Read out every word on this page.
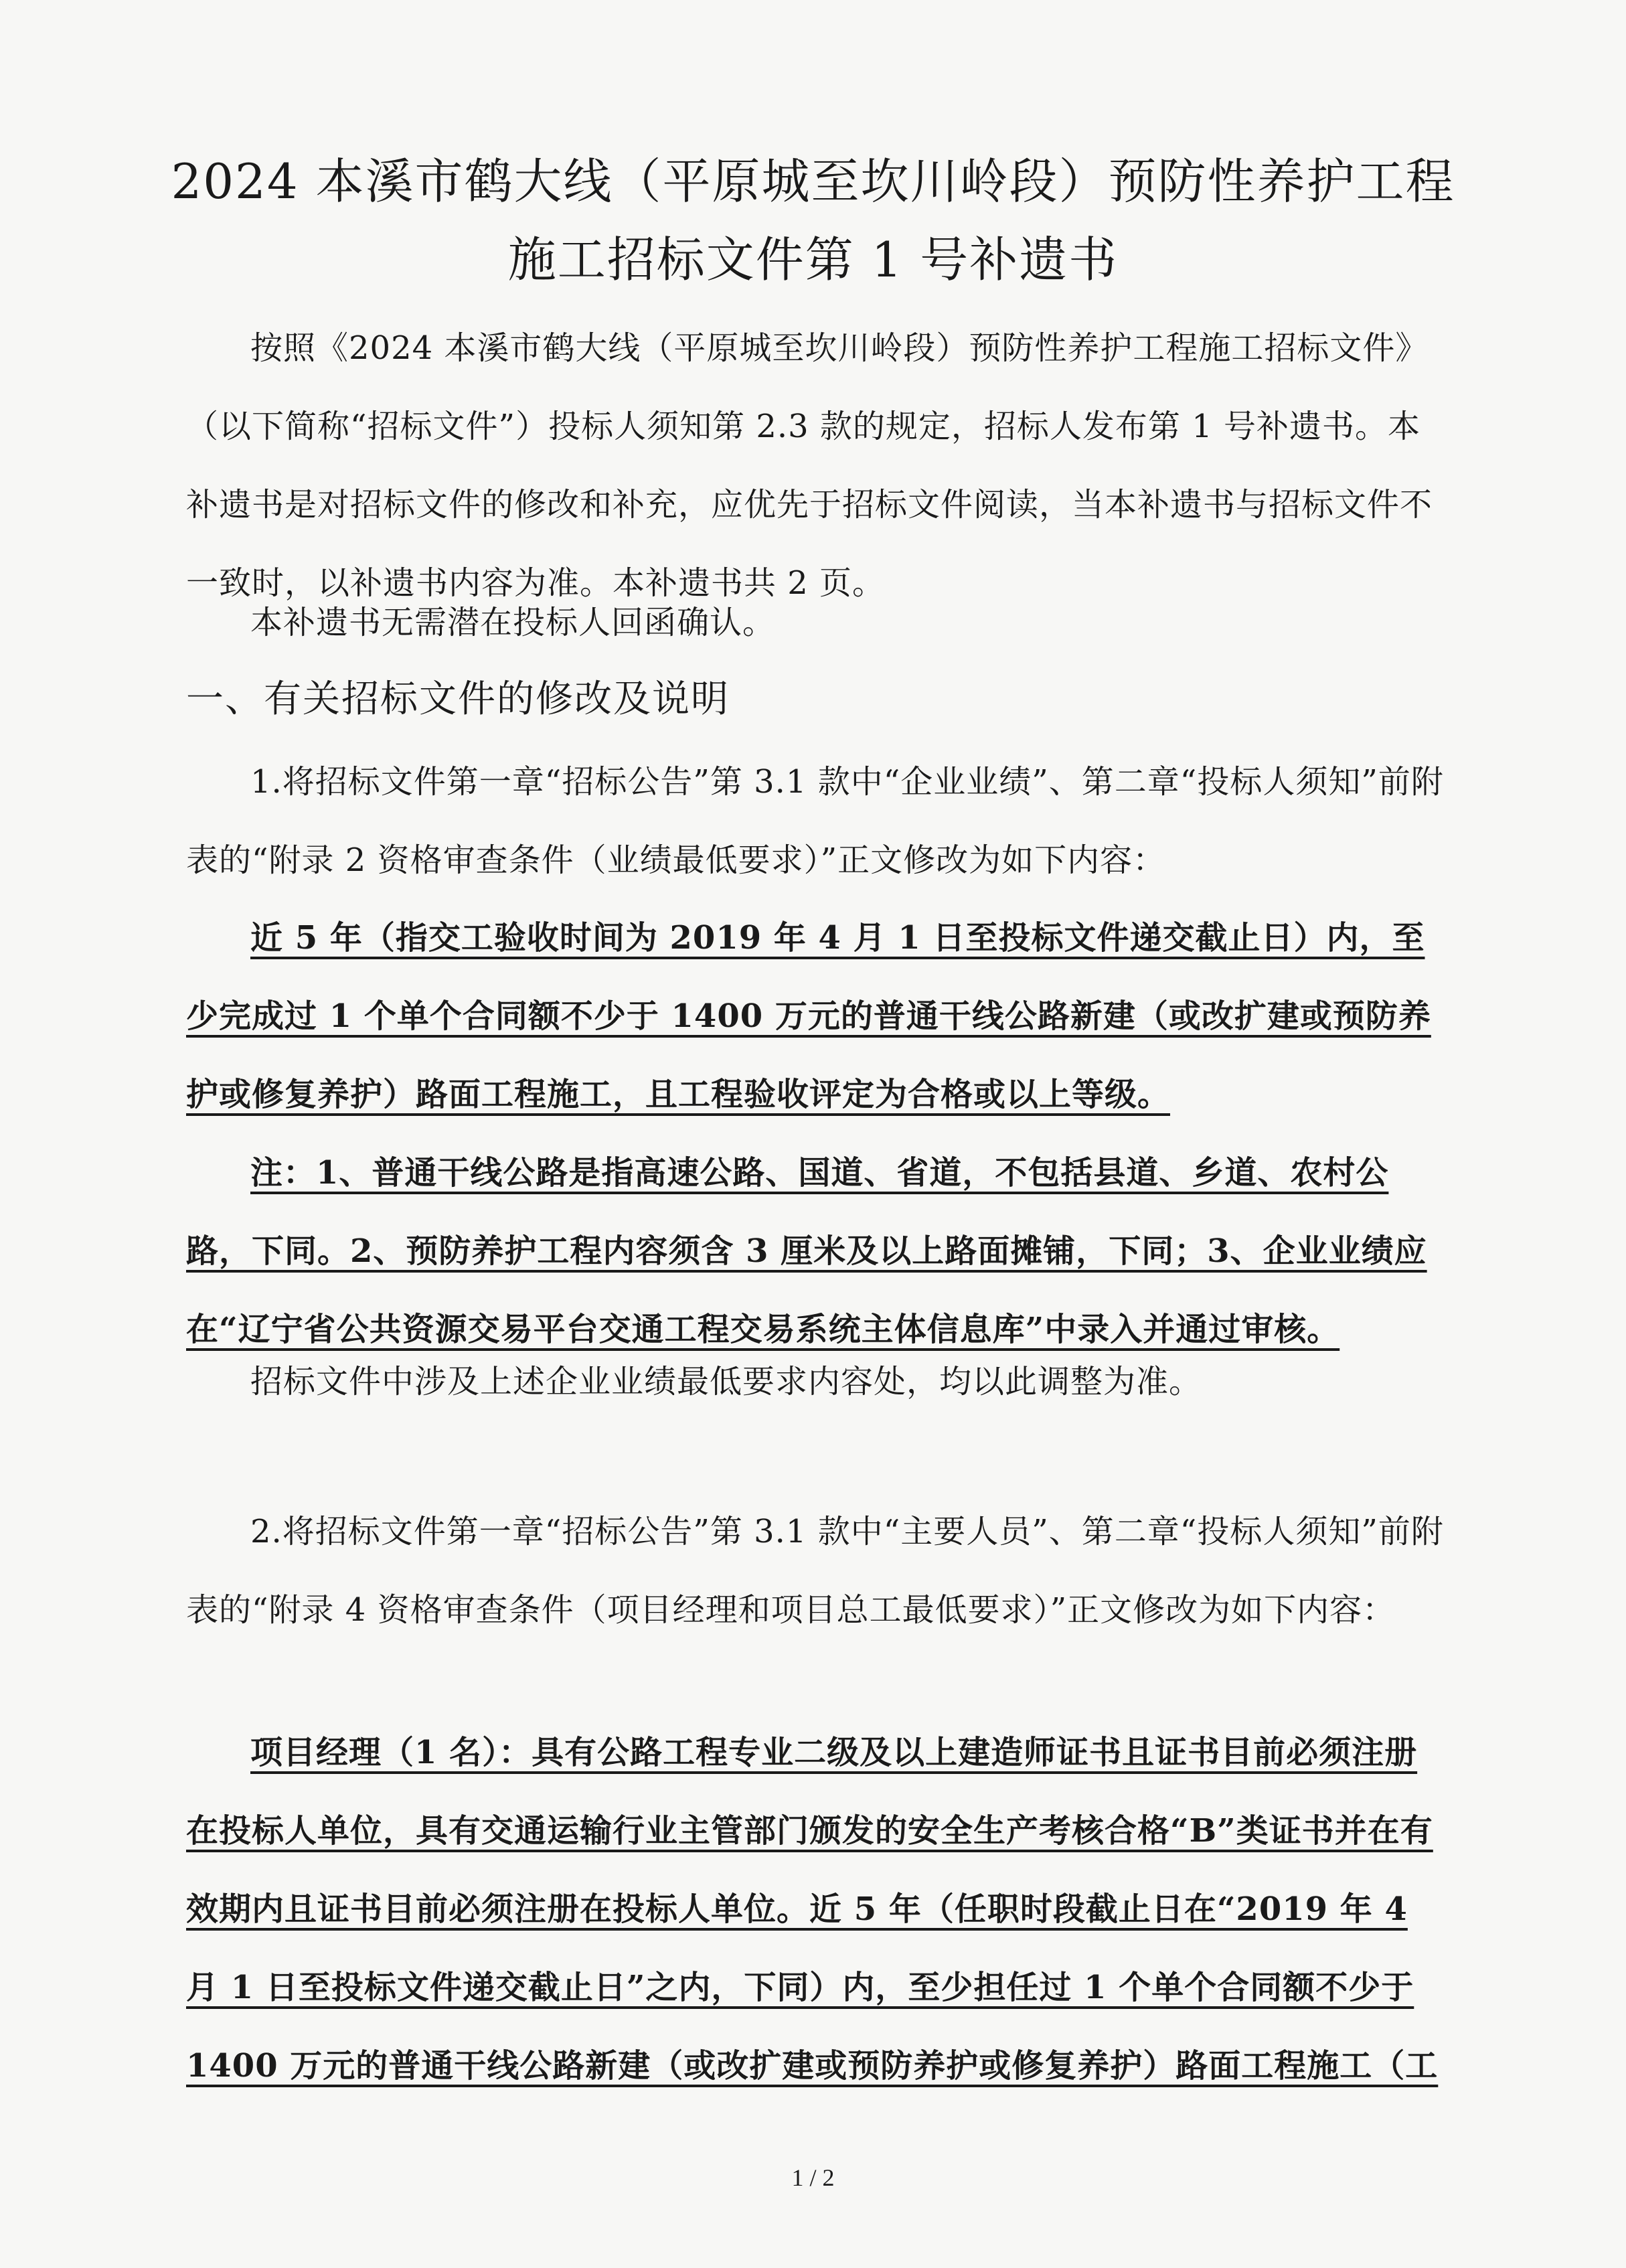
2024 本溪市鹤大线（平原城至坎川岭段）预防性养护工程
施工招标文件第 1 号补遗书
按照《2024 本溪市鹤大线（平原城至坎川岭段）预防性养护工程施工招标文件》（以下简称“招标文件”）投标人须知第 2.3 款的规定，招标人发布第 1 号补遗书。本补遗书是对招标文件的修改和补充，应优先于招标文件阅读，当本补遗书与招标文件不一致时，以补遗书内容为准。本补遗书共 2 页。
本补遗书无需潜在投标人回函确认。
一、有关招标文件的修改及说明
1.将招标文件第一章“招标公告”第 3.1 款中“企业业绩”、第二章“投标人须知”前附表的“附录 2 资格审查条件（业绩最低要求）”正文修改为如下内容：
近 5 年（指交工验收时间为 2019 年 4 月 1 日至投标文件递交截止日）内，至少完成过 1 个单个合同额不少于 1400 万元的普通干线公路新建（或改扩建或预防养护或修复养护）路面工程施工，且工程验收评定为合格或以上等级。
注：1、普通干线公路是指高速公路、国道、省道，不包括县道、乡道、农村公路，下同。2、预防养护工程内容须含 3 厘米及以上路面摊铺，下同；3、企业业绩应在“辽宁省公共资源交易平台交通工程交易系统主体信息库”中录入并通过审核。
招标文件中涉及上述企业业绩最低要求内容处，均以此调整为准。
2.将招标文件第一章“招标公告”第 3.1 款中“主要人员”、第二章“投标人须知”前附表的“附录 4 资格审查条件（项目经理和项目总工最低要求）”正文修改为如下内容：
项目经理（1 名）：具有公路工程专业二级及以上建造师证书且证书目前必须注册在投标人单位，具有交通运输行业主管部门颁发的安全生产考核合格“B”类证书并在有效期内且证书目前必须注册在投标人单位。近 5 年（任职时段截止日在“2019 年 4 月 1 日至投标文件递交截止日”之内，下同）内，至少担任过 1 个单个合同额不少于 1400 万元的普通干线公路新建（或改扩建或预防养护或修复养护）路面工程施工（工
1 / 2
